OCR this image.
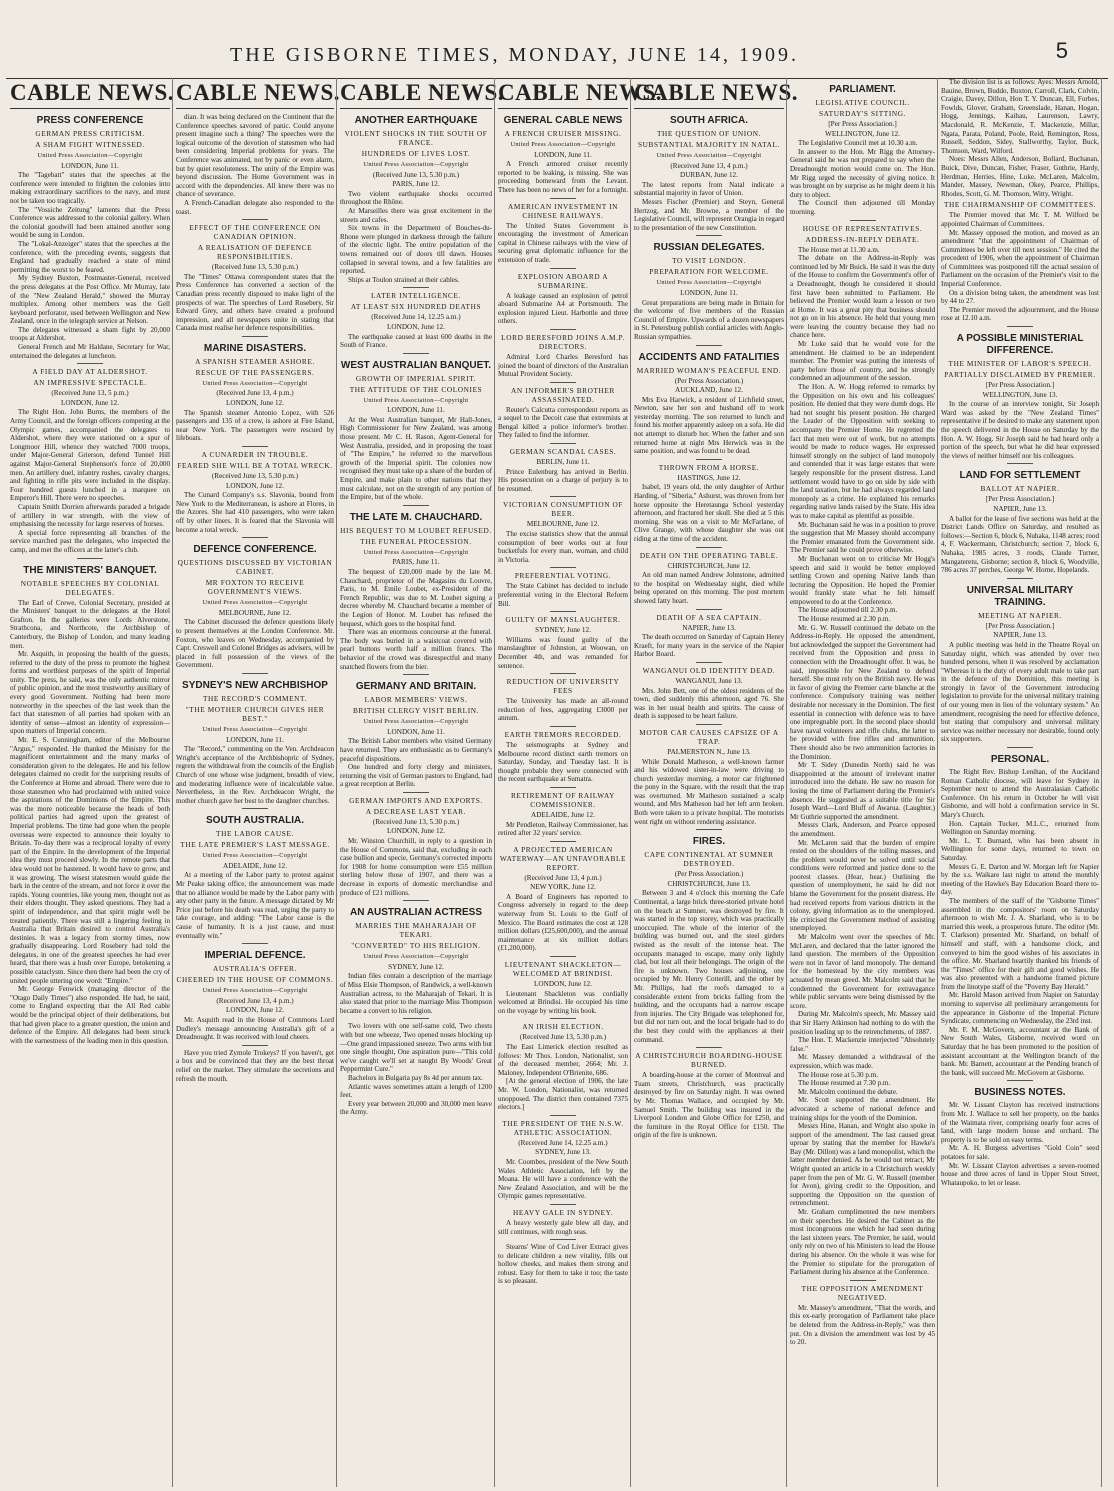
THE GISBORNE TIMES, MONDAY, JUNE 14, 1909.	5
CABLE NEWS.
PRESS CONFERENCE
GERMAN PRESS CRITICISM.
A SHAM FIGHT WITNESSED.
United Press Association—Copyright
LONDON, June 11.

The "Tagebatt" states that the speeches at the conference were intended to frighten the colonies into making extraordinary sacrifices to the navy, and must not be taken too tragically.

The "Vossiche Zeitung" laments that the Press Conference was addressed to the colonial gallery. When the colonial goodwill had been attained another song would be sung in London.

The "Lokal-Anzeiger" states that the speeches at the conference, with the preceding events, suggests that England had gradually reached a state of mind permitting the worst to be feared.

My Sydney Buxton, Postmaster-General, received the press delegates at the Post Office. Mr Murray, late of the "New Zealand Herald," showed the Murray multiplex. Among other members was the Gell keyboard perforator, used between Wellington and New Zealand, once in the telegraph service at Nelson.

The delegates witnessed a sham fight by 20,000 troops at Aldershot.

General French and Mr Haldane, Secretary for War, entertained the delegates at luncheon.

A FIELD DAY AT ALDERSHOT.
AN IMPRESSIVE SPECTACLE.
(Received June 13, 5 p.m.)
LONDON, June 12.

The Right Hon. John Burns, the members of the Army Council, and the foreign officers competing at the Olympic games, accompanied the delegates to Aldershot, where they were stationed on a spur of Longmoor Hill, whence they watched 7000 troops, under Major-General Grierson, defend Tunnel Hill against Major-General Stephenson's force of 20,000 men. An artillery duel, infantry rushes, cavalry charges, and fighting in rifle pits were included in the display. Four hundred guests lunched in a marquee on Emperor's Hill. There were no speeches.

Captain Smith Dorrien afterwards paraded a brigade of artillery in war strength, with the view of emphasising the necessity for large reserves of horses.

A special force representing all branches of the service marched past the delegates, who inspected the camp, and met the officers at the latter's club.

THE MINISTERS' BANQUET.
NOTABLE SPEECHES BY COLONIAL DELEGATES.

The Earl of Crewe, Colonial Secretary, presided at the Ministers' banquet to the delegates at the Hotel Grafton. In the galleries were Lords Alverstone, Strathcona, and Northcote, the Archbishop of Canterbury, the Bishop of London, and many leading men.

Mr. Asquith, in proposing the health of the guests, referred to the duty of the press to promote the highest forms and worthiest purposes of the spirit of Imperial unity. The press, he said, was the only authentic mirror of public opinion, and the most trustworthy auxiliary of every good Government. Nothing had been more noteworthy in the speeches of the last week than the fact that statesmen of all parties had spoken with an identity of sense—almost an identity of expression—upon matters of Imperial concern.

Mr. E. S. Cunningham, editor of the Melbourne "Argus," responded. He thanked the Ministry for the magnificent entertainment and the many marks of consideration given to the delegates. He and his fellow delegates claimed no credit for the surprising results of the Conference at Home and abroad. There were due to those statesmen who had proclaimed with united voice the aspirations of the Dominions of the Empire. This was the more noticeable because the heads of both political parties had agreed upon the greatest of Imperial problems. The time had gone when the people overseas were expected to announce their loyalty to Britain. To-day there was a reciprocal loyalty of every part of the Empire. In the development of the Imperial idea they must proceed slowly. In the remote parts that idea would not be hastened. It would have to grow, and it was growing. The wisest statesmen would guide the bark in the centre of the stream, and not force it over the rapids. Young countries, like young men, thought not as their elders thought. They asked questions. They had a spirit of independence, and that spirit might well be treated patiently. There was still a lingering feeling in Australia that Britain desired to control Australia's destinies. It was a legacy from stormy times, now gradually disappearing. Lord Rosebery had told the delegates, in one of the greatest speeches he had ever heard, that there was a hush over Europe, betokening a possible cataclysm. Since then there had been the cry of united people uttering one word: "Empire."

Mr. George Fenwick (managing director of the "Otago Daily Times") also responded. He had, he said, come to England expecting that the All Red cable would be the principal object of their deliberations, but that had given place to a greater question, the union and defence of the Empire. All delegates had been struck with the earnestness of the leading men in this question.

CABLE NEWS.

dian. It was being declared on the Continent that the Conference speeches savored of panic. Could anyone present imagine such a thing? The speeches were the logical outcome of the devotion of statesmen who had been considering Imperial problems for years. The Conference was animated, not by panic or even alarm, but by quiet resoluteness. The unity of the Empire was beyond discussion. The Home Government was in accord with the dependencies. All knew there was no chance of severance.

A French-Canadian delegate also responded to the toast.

EFFECT OF THE CONFERENCE ON CANADIAN OPINION.
A REALISATION OF DEFENCE RESPONSIBILITIES.
(Received June 13, 5.30 p.m.)

The "Times" Ottawa correspondent states that the Press Conference has converted a section of the Canadian press recently disposed to make light of the prospects of war. The speeches of Lord Rosebery, Sir Edward Grey, and others have created a profound impression, and all newspapers unite in stating that Canada must realise her defence responsibilities.

MARINE DISASTERS.
A SPANISH STEAMER ASHORE.
RESCUE OF THE PASSENGERS.
United Press Association—Copyright
(Received June 13, 4 p.m.)
LONDON, June 12.

The Spanish steamer Antonio Lopez, with 526 passengers and 135 of a crew, is ashore at Fire Island, near New York. The passengers were rescued by lifeboats.

A CUNARDER IN TROUBLE.
FEARED SHE WILL BE A TOTAL WRECK.
(Received June 13, 5.30 p.m.)
LONDON, June 12.

The Cunard Company's s.s. Slavonia, bound from New York to the Mediterranean, is ashore at Flores, in the Azores. She had 410 passengers, who were taken off by other liners. It is feared that the Slavonia will become a total wreck.

DEFENCE CONFERENCE.
QUESTIONS DISCUSSED BY VICTORIAN CABINET.
MR FOXTON TO RECEIVE GOVERNMENT'S VIEWS.
United Press Association—Copyright
MELBOURNE, June 12.

The Cabinet discussed the defence questions likely to present themselves at the London Conference. Mr. Foxton, who leaves on Wednesday, accompanied by Capt. Creswell and Colonel Bridges as advisers, will be placed in full possession of the views of the Government.

SYDNEY'S NEW ARCHBISHOP
THE RECORD'S COMMENT.
"THE MOTHER CHURCH GIVES HER BEST."
United Press Association—Copyright
LONDON, June 11.

The "Record," commenting on the Ven. Archdeacon Wright's acceptance of the Archbishopric of Sydney, regrets the withdrawal from the councils of the English Church of one whose wise judgment, breadth of view, and moderating influence were of incalculable value. Nevertheless, in the Rev. Archdeacon Wright, the mother church gave her best to the daughter churches.

SOUTH AUSTRALIA.
THE LABOR CAUSE.
THE LATE PREMIER'S LAST MESSAGE.
United Press Association—Copyright
ADELAIDE, June 12.

At a meeting of the Labor party to protest against Mr Peake taking office, the announcement was made that no alliance would be made by the Labor party with any other party in the future. A message dictated by Mr Price just before his death was read, urging the party to take courage, and adding: "The Labor cause is the cause of humanity. It is a just cause, and must eventually win."

IMPERIAL DEFENCE.
AUSTRALIA'S OFFER.
CHEERED IN THE HOUSE OF COMMONS.
United Press Association—Copyright
(Received June 13, 4 p.m.)
LONDON, June 12.

Mr. Asquith read in the House of Commons Lord Dudley's message announcing Australia's gift of a Dreadnought. It was received with loud cheers.

Have you tried Zymole Trokeys? If you haven't, get a box and be convinced that they are the best throat relief on the market. They stimulate the secretions and refresh the mouth.

CABLE NEWS.
ANOTHER EARTHQUAKE
VIOLENT SHOCKS IN THE SOUTH OF FRANCE.
HUNDREDS OF LIVES LOST.
United Press Association—Copyright
(Received June 13, 5.30 p.m.)
PARIS, June 12.

Two violent earthquake shocks occurred throughout the Rhône.

At Marseilles there was great excitement in the streets and cafes.

Six towns in the Department of Bouches-du-Rhone were plunged in darkness through the failure of the electric light. The entire population of the towns remained out of doors till dawn. Houses collapsed in several towns, and a few fatalities are reported.

Ships at Toulon strained at their cables.

LATER INTELLIGENCE.
AT LEAST SIX HUNDRED DEATHS
(Received June 14, 12.25 a.m.)
LONDON, June 12.

The earthquake caused at least 600 deaths in the South of France.

WEST AUSTRALIAN BANQUET.
GROWTH OF IMPERIAL SPIRIT.
THE ATTITUDE OF THE COLONIES
United Press Association—Copyright
LONDON, June 11.

At the West Australian banquet, Mr Hall-Jones, High Commissioner for New Zealand, was among those present. Mr C. H. Rason, Agent-General for West Australia, presided, and in proposing the toast of "The Empire," he referred to the marvellous growth of the Imperial spirit. The colonies now recognised they must take up a share of the burden of Empire, and make plain to other nations that they must calculate, not on the strength of any portion of the Empire, but of the whole.

THE LATE M. CHAUCHARD.
HIS BEQUEST TO M LOUBET REFUSED.
THE FUNERAL PROCESSION.
United Press Association—Copyright
PARIS, June 11.

The bequest of £20,000 made by the late M. Chauchard, proprietor of the Magasins du Louvre, Paris, to M. Emile Loubet, ex-President of the French Republic, was due to M. Loubet signing a decree whereby M. Chauchard became a member of the Legion of Honor. M. Loubet has refused the bequest, which goes to the hospital fund.

There was an enormous concourse at the funeral. The body was buried in a waistcoat covered with pearl buttons worth half a million francs. The behavior of the crowd was disrespectful and many snatched flowers from the bier.

GERMANY AND BRITAIN.
LABOR MEMBERS' VIEWS.
BRITISH CLERGY VISIT BERLIN.
United Press Association—Copyright
LONDON, June 11.

The British Labor members who visited Germany have returned. They are enthusiastic as to Germany's peaceful dispositions.

One hundred and forty clergy and ministers, returning the visit of German pastors to England, had a great reception at Berlin.

GERMAN IMPORTS AND EXPORTS.
A DECREASE LAST YEAR.
(Received June 13, 5.30 p.m.)
LONDON, June 12.

Mr. Winston Churchill, in reply to a question in the House of Commons, said that, excluding in each case bullion and specie, Germany's corrected imports for 1908 for home consumption were £55 million sterling below those of 1907, and there was a decrease in exports of domestic merchandise and produce of £21 millions.

AN AUSTRALIAN ACTRESS
MARRIES THE MAHARAJAH OF TEKARI.
"CONVERTED" TO HIS RELIGION.
United Press Association—Copyright
SYDNEY, June 12.

Indian files contain a description of the marriage of Miss Elsie Thompson, of Randwick, a well-known Australian actress, to the Maharajah of Tekari. It is also stated that prior to the marriage Miss Thompson became a convert to his religion.

Two lovers with one self-same cold, Two chests with but one wheeze, Two opened noses blocking up—One grand impassioned sneeze. Two arms with but one single thought, One aspiration pure—"This cold we've caught we'll set at naught By Woods' Great Peppermint Cure."

Bachelors in Bulgaria pay 8s 4d per annum tax.

Atlantic waves sometimes attain a length of 1200 feet.

Every year between 20,000 and 30,000 men leave the Army.

CABLE NEWS.
GENERAL CABLE NEWS
A FRENCH CRUISER MISSING.
United Press Association—Copyright
LONDON, June 11.

A French armored cruiser recently reported to be leaking, is missing. She was proceeding homeward from the Levant. There has been no news of her for a fortnight.

AMERICAN INVESTMENT IN CHINESE RAILWAYS.

The United States Government is encouraging the investment of American capital in Chinese railways with the view of securing great diplomatic influence for the extension of trade.

EXPLOSION ABOARD A SUBMARINE.

A leakage caused an explosion of petrol aboard Submarine A4 at Portsmouth. The explosion injured Lieut. Harbottle and three others.

LORD BERESFORD JOINS A.M.P. DIRECTORS.

Admiral Lord Charles Beresford has joined the board of directors of the Australian Mutual Provident Society.

AN INFORMER'S BROTHER ASSASSINATED.

Reuter's Calcutta correspondent reports as a sequel to the Decoit case that extremists at Bengal killed a police informer's brother. They failed to find the informer.

GERMAN SCANDAL CASES.
BERLIN, June 11.

Prince Eulenburg has arrived in Berlin. His prosecution on a charge of perjury is to be resumed.

VICTORIAN CONSUMPTION OF BEER.
MELBOURNE, June 12.

The excise statistics show that the annual consumption of beer works out at four bucketfuls for every man, woman, and child in Victoria.

PREFERENTIAL VOTING.

The State Cabinet has decided to include preferential voting in the Electoral Reform Bill.

GUILTY OF MANSLAUGHTER.
SYDNEY, June 12.

Williams was found guilty of the manslaughter of Johnston, at Woowan, on December 4th, and was remanded for sentence.

REDUCTION OF UNIVERSITY FEES

The University has made an all-round reduction of fees, aggregating £3000 per annum.

EARTH TREMORS RECORDED.

The seismographs at Sydney and Melbourne record distinct earth tremors on Saturday, Sunday, and Tuesday last. It is thought probable they were connected with the recent earthquake at Sumatra.

RETIREMENT OF RAILWAY COMMISSIONER.
ADELAIDE, June 12.

Mr Pendleton, Railway Commissioner, has retired after 32 years' service.

A PROJECTED AMERICAN WATERWAY—AN UNFAVORABLE REPORT.
(Received June 13, 4 p.m.)
NEW YORK, June 12.

A Board of Engineers has reported to Congress adversely in regard to the deep waterway from St. Louis to the Gulf of Mexico. The Board estimates the cost at 128 million dollars (£25,600,000), and the annual maintenance at six million dollars (£1,200,000).

LIEUTENANT SHACKLETON—WELCOMED AT BRINDISI.
LONDON, June 12.

Lieutenant Shackleton was cordially welcomed at Brindisi. He occupied his time on the voyage by writing his book.

AN IRISH ELECTION.
(Received June 13, 5.30 p.m.)

The East Limerick election resulted as follows: Mr Thos. London, Nationalist, son of the deceased member, 2664; Mr. J. Maloney, Independent O'Brienite, 686.

[At the general election of 1906, the late Mr. W. London, Nationalist, was returned unopposed. The district then contained 7375 electors.]

THE PRESIDENT OF THE N.S.W. ATHLETIC ASSOCIATION.
(Received June 14, 12.25 a.m.)
SYDNEY, June 13.

Mr. Coombes, president of the New South Wales Athletic Association, left by the Moana. He will have a conference with the New Zealand Association, and will be the Olympic games representative.

HEAVY GALE IN SYDNEY.

A heavy westerly gale blew all day, and still continues, with rough seas.

Stearns' Wine of Cod Liver Extract gives to delicate children a new vitality, fills out hollow cheeks, and makes them strong and robust. Easy for them to take it too; the taste is so pleasant.

CABLE NEWS.
SOUTH AFRICA.
THE QUESTION OF UNION.
SUBSTANTIAL MAJORITY IN NATAL.
United Press Association—Copyright
(Received June 13, 4 p.m.)
DURBAN, June 12.

The latest reports from Natal indicate a substantial majority in favor of Union.

Messrs Fischer (Premier) and Steyn, General Hertzog, and Mr. Browne, a member of the Legislative Council, will represent Orangia in regard to the presentation of the new Constitution.

RUSSIAN DELEGATES.
TO VISIT LONDON.
PREPARATION FOR WELCOME.
United Press Association—Copyright
LONDON, June 11.

Great preparations are being made in Britain for the welcome of five members of the Russian Council of Empire. Upwards of a dozen newspapers in St. Petersburg publish cordial articles with Anglo-Russian sympathies.

ACCIDENTS AND FATALITIES
MARRIED WOMAN'S PEACEFUL END.
(Per Press Association.)
AUCKLAND, June 12.

Mrs Eva Harwick, a resident of Lichfield street, Newton, saw her son and husband off to work yesterday morning. The son returned to lunch and found his mother apparently asleep on a sofa. He did not attempt to disturb her. When the father and son returned home at night Mrs Herwick was in the same position, and was found to be dead.

THROWN FROM A HORSE.
HASTINGS, June 12.

Isabel, 19 years old, the only daughter of Arthur Harding, of "Siberia," Ashurst, was thrown from her horse opposite the Heretaunga School yesterday afternoon, and fractured her skull. She died at 5 this morning. She was on a visit to Mr McFarlane, of Clive Grange, with whose daughter she was out riding at the time of the accident.

DEATH ON THE OPERATING TABLE.
CHRISTCHURCH, June 12.

An old man named Andrew Johnstone, admitted to the hospital on Wednesday night, died while being operated on this morning. The post mortem showed fatty heart.

DEATH OF A SEA CAPTAIN.
NAPIER, June 13.

The death occurred on Saturday of Captain Henry Kraeft, for many years in the service of the Napier Harbor Board.

WANGANUI OLD IDENTITY DEAD.
WANGANUI, June 13.

Mrs. John Bett, one of the oldest residents of the town, died suddenly this afternoon, aged 76. She was in her usual health and spirits. The cause of death is supposed to be heart failure.

MOTOR CAR CAUSES CAPSIZE OF A TRAP.
PALMERSTON N., June 13.

While Donald Matheson, a well-known farmer and his widowed sister-in-law were driving to church yesterday morning, a motor car frightened the pony in the Square, with the result that the trap was overturned. Mr Matheson sustained a scalp wound, and Mrs Matheson had her left arm broken. Both were taken to a private hospital. The motorists went right on without rendering assistance.

FIRES.
CAPE CONTINENTAL AT SUMNER DESTROYED.
(Per Press Association.)
CHRISTCHURCH, June 13.

Between 3 and 4 o'clock this morning the Cafe Continental, a large brick three-storied private hotel on the beach at Sumner, was destroyed by fire. It was started in the top storey, which was practically unoccupied. The whole of the interior of the building was burned out, and the steel girders twisted as the result of the intense heat. The occupants managed to escape, many only lightly clad, but lost all their belongings. The origin of the fire is unknown. Two houses adjoining, one occupied by Mr. Henry Cotterill, and the other by Mr. Phillips, had the roofs damaged to a considerable extent from bricks falling from the building, and the occupants had a narrow escape from injuries. The City Brigade was telephoned for, but did not turn out, and the local brigade had to do the best they could with the appliances at their command.

A CHRISTCHURCH BOARDING-HOUSE BURNED.

A boarding-house at the corner of Montreal and Tuam streets, Christchurch, was practically destroyed by fire on Saturday night. It was owned by Mr. Thomas Wallace, and occupied by Mr. Samuel Smith. The building was insured in the Liverpool London and Globe Office for £250, and the furniture in the Royal Office for £150. The origin of the fire is unknown.

PARLIAMENT.
LEGISLATIVE COUNCIL.
SATURDAY'S SITTING.
[Per Press Association.]
WELLINGTON, June 12.

The Legislative Council met at 10.30 a.m.

In answer to the Hon. Mr Rigg the Attorney-General said he was not prepared to say when the Dreadnought motion would come on. The Hon. Mr Rigg urged the necessity of giving notice. It was brought on by surprise as he might deem it his duty to object.

The Council then adjourned till Monday morning.

HOUSE OF REPRESENTATIVES.
ADDRESS-IN-REPLY DEBATE.

The House met at 11.30 a.m.

The debate on the Address-in-Reply was continued led by Mr Buick. He said it was the duty of the House to confirm the Government's offer of a Dreadnought, though he considered it should first have been submitted to Parliament. He believed the Premier would learn a lesson or two at Home. It was a great pity that business should not go on in his absence. He held that young men were leaving the country because they had no chance here.

Mr Luke said that he would vote for the amendment. He claimed to be an independent member. The Premier was putting the interests of party before those of country, and he strongly condemned an adjournment of the session.

The Hon. A. W. Hogg referred to remarks by the Opposition on his own and his colleagues' position. He denied that they were dumb dogs. He had not sought his present position. He charged the Leader of the Opposition with seeking to accompany the Premier Home. He regretted the fact that men were out of work, but no attempts would be made to reduce wages. He expressed himself strongly on the subject of land monopoly and contended that it was large estates that were largely responsible for the present distress. Land settlement would have to go on side by side with the land taxation, but he had always regarded land monopoly as a crime. He explained his remarks regarding native lands raised by the State. His idea was to make capital as plentiful as possible.

Mr. Buchanan said he was in a position to prove the suggestion that Mr Massey should accompany the Premier emanated from the Government side. The Premier said he could prove otherwise.

Mr Buchanan went on to criticise Mr Hogg's speech and said it would be better employed settling Crown and opening Native lands than lecturing the Opposition. He hoped the Premier would frankly state what he felt himself empowered to do at the Conference.

The House adjourned till 2.30 p.m.

The House resumed at 2.30 p.m.

Mr. G. W. Russell continued the debate on the Address-in-Reply. He opposed the amendment, but acknowledged the support the Government had received from the Opposition and press in connection with the Dreadnought offer. It was, he said, impossible for New Zealand to defend herself. She must rely on the British navy. He was in favor of giving the Premier carte blanche at the conference. Compulsory training was neither desirable nor necessary in the Dominion. The first essential in connection with defence was to have one impregnable port. In the second place should have naval volunteers and rifle clubs, the latter to be provided with free rifles and ammunition. There should also be two ammunition factories in the Dominion.

Mr T. Sidey (Dunedin North) said he was disappointed at the amount of irrelevant matter introduced into the debate. He saw no reason for losing the time of Parliament during the Premier's absence. He suggested as a suitable title for Sir Joseph Ward—Lord Bluff of Awarua. (Laughter.) Mr Guthrie supported the amendment.

Messrs Clark, Anderson, and Pearce opposed the amendment.

Mr. McLaren said that the burden of empire rested on the shoulders of the toiling masses, and the problem would never be solved until social conditions were reformed and justice done to the poorest classes. (Hear, hear.) Outlining the question of unemployment, he said he did not blame the Government for the present distress. He had received reports from various districts in the colony, giving information as to the unemployed. He criticised the Government method of assisting unemployed.

Mr Malcolm went over the speeches of Mr. McLaren, and declared that the latter ignored the land question. The members of the Opposition were not in favor of land monopoly. The demand for the homestead by the city members was actuated by mean greed. Mr. Malcolm said that he condemned the Government for extravagance while public servants were being dismissed by the score.

During Mr. Malcolm's speech, Mr. Massey said that Sir Harry Atkinson had nothing to do with the position leading up to the retrenchments, of 1887.

The Hon. T. Mackenzie interjected "Absolutely false."

Mr. Massey demanded a withdrawal of the expression, which was made.

The House rose at 5.30 p.m.

The House resumed at 7.30 p.m.

Mr. Malcolm continued the debate.

Mr. Scott supported the amendment. He advocated a scheme of national defence and training ships for the youth of the Dominion.

Messrs Hine, Hanan, and Wright also spoke in support of the amendment. The last caused great uproar by stating that the member for Hawke's Bay (Mr. Dillon) was a land monopolist, which the latter member denied. As he would not retract, Mr Wright quoted an article in a Christchurch weekly paper from the pen of Mr. G. W. Russell (member for Avon), giving credit to the Opposition, and supporting the Opposition on the question of retrenchment.

Mr. Graham complimented the new members on their speeches. He desired the Cabinet as the most incongruous one which he had seen during the last sixteen years. The Premier, he said, would only rely on two of his Ministers to lead the House during his absence. On the whole it was wise for the Premier to stipulate for the prorogation of Parliament during his absence at the Conference.

THE OPPOSITION AMENDMENT NEGATIVED.

Mr. Massey's amendment, "That the words, and this ex-early prorogation of Parliament take place be deleted from the Address-in-Reply," was then put. On a division the amendment was lost by 45 to 20.

The division list is as follows: Ayes: Messrs Arnold, Bauine, Brown, Buddo, Buxton, Carroll, Clark, Colvin, Craigie, Davey, Dillon, Hon T. Y. Duncan, Ell, Forbes, Fowlds, Glover, Graham, Greenslade, Hanan, Hogan, Hogg, Jennings, Kaihau, Laurenson, Lawry, Macdonald, R. McKenzie, T. Mackenzie, Millar, Ngata, Parata, Poland, Poole, Reid, Remington, Ross, Russell, Seddon, Sidey, Stallworthy, Taylor, Buck, Thomson, Ward, Wilford.

Noes: Messrs Allen, Anderson, Bollard, Buchanan, Buick, Dive, Duncan, Fisher, Fraser, Guthrie, Hardy, Herdman, Herries, Hine, Luke, McLaren, Malcolm, Mander, Massey, Newman, Okey, Pearce, Phillips, Rhodes, Scott, G. M. Thomson, Witty, Wright.

THE CHAIRMANSHIP OF COMMITTEES.

The Premier moved that Mr. T. M. Wilford be appointed Chairman of Committees.

Mr. Massey opposed the motion, and moved as an amendment "that the appointment of Chairman of Committees be left over till next session." He cited the precedent of 1906, when the appointment of Chairman of Committees was postponed till the actual session of Parliament on the occasion of the Premier's visit to the Imperial Conference.

On a division being taken, the amendment was lost by 44 to 27.

The Premier moved the adjournment, and the House rose at 12.10 a.m.

A POSSIBLE MINISTERIAL DIFFERENCE.
THE MINISTER OF LABOR'S SPEECH.
PARTIALLY DISCLAIMED BY PREMIER.
[Per Press Association.]
WELLINGTON, June 13.

In the course of an interview tonight, Sir Joseph Ward was asked by the "New Zealand Times" representative if he desired to make any statement upon the speech delivered in the House on Saturday by the Hon. A. W. Hogg. Sir Joseph said he had heard only a portion of the speech, but what he did hear expressed the views of neither himself nor his colleagues.

LAND FOR SETTLEMENT
BALLOT AT NAPIER.
[Per Press Association.]
NAPIER, June 13.

A ballot for the lease of five sections was held at the District Lands Office on Saturday, and resulted as follows:—Section 6, block 6, Nuhaka, 1148 acres; rood 4, F. Wackermann, Christchurch; section 7, block 6, Nuhaka, 1985 acres, 3 roods, Claude Turner, Mangateretu, Gisborne; section 8, block 6, Woodville, 786 acres 37 perches, George W. Horne, Hopelands.

UNIVERSAL MILITARY TRAINING.
MEETING AT NAPIER.
[Per Press Association.]
NAPIER, June 13.

A public meeting was held in the Theatre Royal on Saturday night, which was attended by over two hundred persons, when it was resolved by acclamation "Whereas it is the duty of every adult male to take part in the defence of the Dominion, this meeting is strongly in favor of the Government introducing legislation to provide for the universal military training of our young men in lieu of the voluntary system." An amendment, recognising the need for effective defence, but stating that compulsory and universal military service was neither necessary nor desirable, found only six supporters.

PERSONAL.

The Right Rev. Bishop Lenihan, of the Auckland Roman Catholic diocese, will leave for Sydney in September next to attend the Australasian Catholic Conference. On his return in October he will visit Gisborne, and will hold a confirmation service in St. Mary's Church.

Hon. Captain Tucker, M.L.C., returned from Wellington on Saturday morning.

Mr. L. T. Burnard, who has been absent in Wellington for some days, returned to town on Saturday.

Messrs G. E. Darton and W. Morgan left for Napier by the s.s. Waikare last night to attend the monthly meeting of the Hawke's Bay Education Board there to-day.

The members of the staff of the "Gisborne Times" assembled in the compositors' room on Saturday afternoon to wish Mr. J. A. Sharland, who is to be married this week, a prosperous future. The editor (Mr. T. Clarkson) presented Mr. Sharland, on behalf of himself and staff, with a handsome clock, and conveyed to him the good wishes of his associates in the office. Mr. Sharland heartily thanked his friends of the "Times" office for their gift and good wishes. He was also presented with a handsome framed picture from the linotype staff of the "Poverty Bay Herald."

Mr. Harold Mason arrived from Napier on Saturday morning to supervise all preliminary arrangements for the appearance in Gisborne of the Imperial Picture Syndicate, commencing on Wednesday, the 23rd inst.

Mr. F. M. McGovern, accountant at the Bank of New South Wales, Gisborne, received word on Saturday that he has been promoted to the position of assistant accountant at the Wellington branch of the bank. Mr. Barnett, accountant at the Pending branch of the bank, will succeed Mr. McGovern at Gisborne.

BUSINESS NOTES.

Mr. W. Lissant Clayton has received instructions from Mr. J. Wallace to sell her property, on the banks of the Waimata river, comprising nearly four acres of land, with large modern house and orchard. The property is to be sold on easy terms.

Mr. A. H. Burgess advertises "Gold Coin" seed potatoes for sale.

Mr. W. Lissant Clayton advertises a seven-roomed house and three acres of land in Upper Stout Street, Whataupoko, to let or lease.
